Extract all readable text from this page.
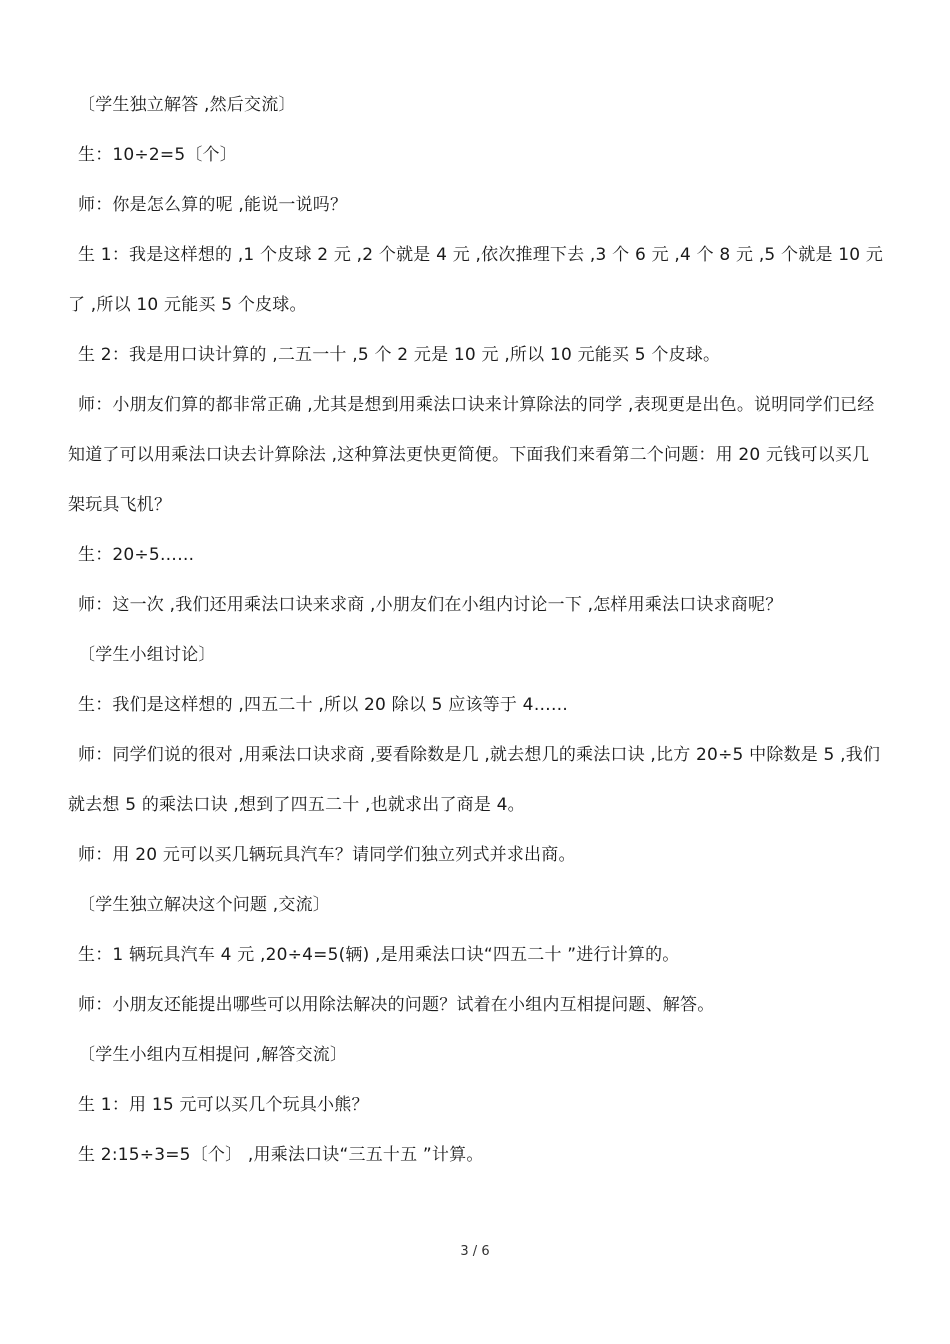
〔学生独立解答 ,然后交流〕

生：10÷2=5〔个〕

师：你是怎么算的呢 ,能说一说吗？

生 1：我是这样想的 ,1 个皮球 2 元 ,2 个就是 4 元 ,依次推理下去 ,3 个 6 元 ,4 个 8 元 ,5 个就是 10 元了 ,所以 10 元能买 5 个皮球。

生 2：我是用口诀计算的 ,二五一十 ,5 个 2 元是 10 元 ,所以 10 元能买 5 个皮球。

师：小朋友们算的都非常正确 ,尤其是想到用乘法口诀来计算除法的同学 ,表现更是出色。说明同学们已经知道了可以用乘法口诀去计算除法 ,这种算法更快更简便。下面我们来看第二个问题：用 20 元钱可以买几架玩具飞机？

生：20÷5……

师：这一次 ,我们还用乘法口诀来求商 ,小朋友们在小组内讨论一下 ,怎样用乘法口诀求商呢？

〔学生小组讨论〕

生：我们是这样想的 ,四五二十 ,所以 20 除以 5 应该等于 4……

师：同学们说的很对 ,用乘法口诀求商 ,要看除数是几 ,就去想几的乘法口诀 ,比方 20÷5 中除数是 5 ,我们就去想 5 的乘法口诀 ,想到了四五二十 ,也就求出了商是 4。

师：用 20 元可以买几辆玩具汽车？请同学们独立列式并求出商。

〔学生独立解决这个问题 ,交流〕

生：1 辆玩具汽车 4 元 ,20÷4=5(辆) ,是用乘法口诀“四五二十 ”进行计算的。

师：小朋友还能提出哪些可以用除法解决的问题？试着在小组内互相提问题、解答。

〔学生小组内互相提问 ,解答交流〕

生 1：用 15 元可以买几个玩具小熊？

生 2:15÷3=5〔个〕 ,用乘法口诀“三五十五 ”计算。

3 / 6
